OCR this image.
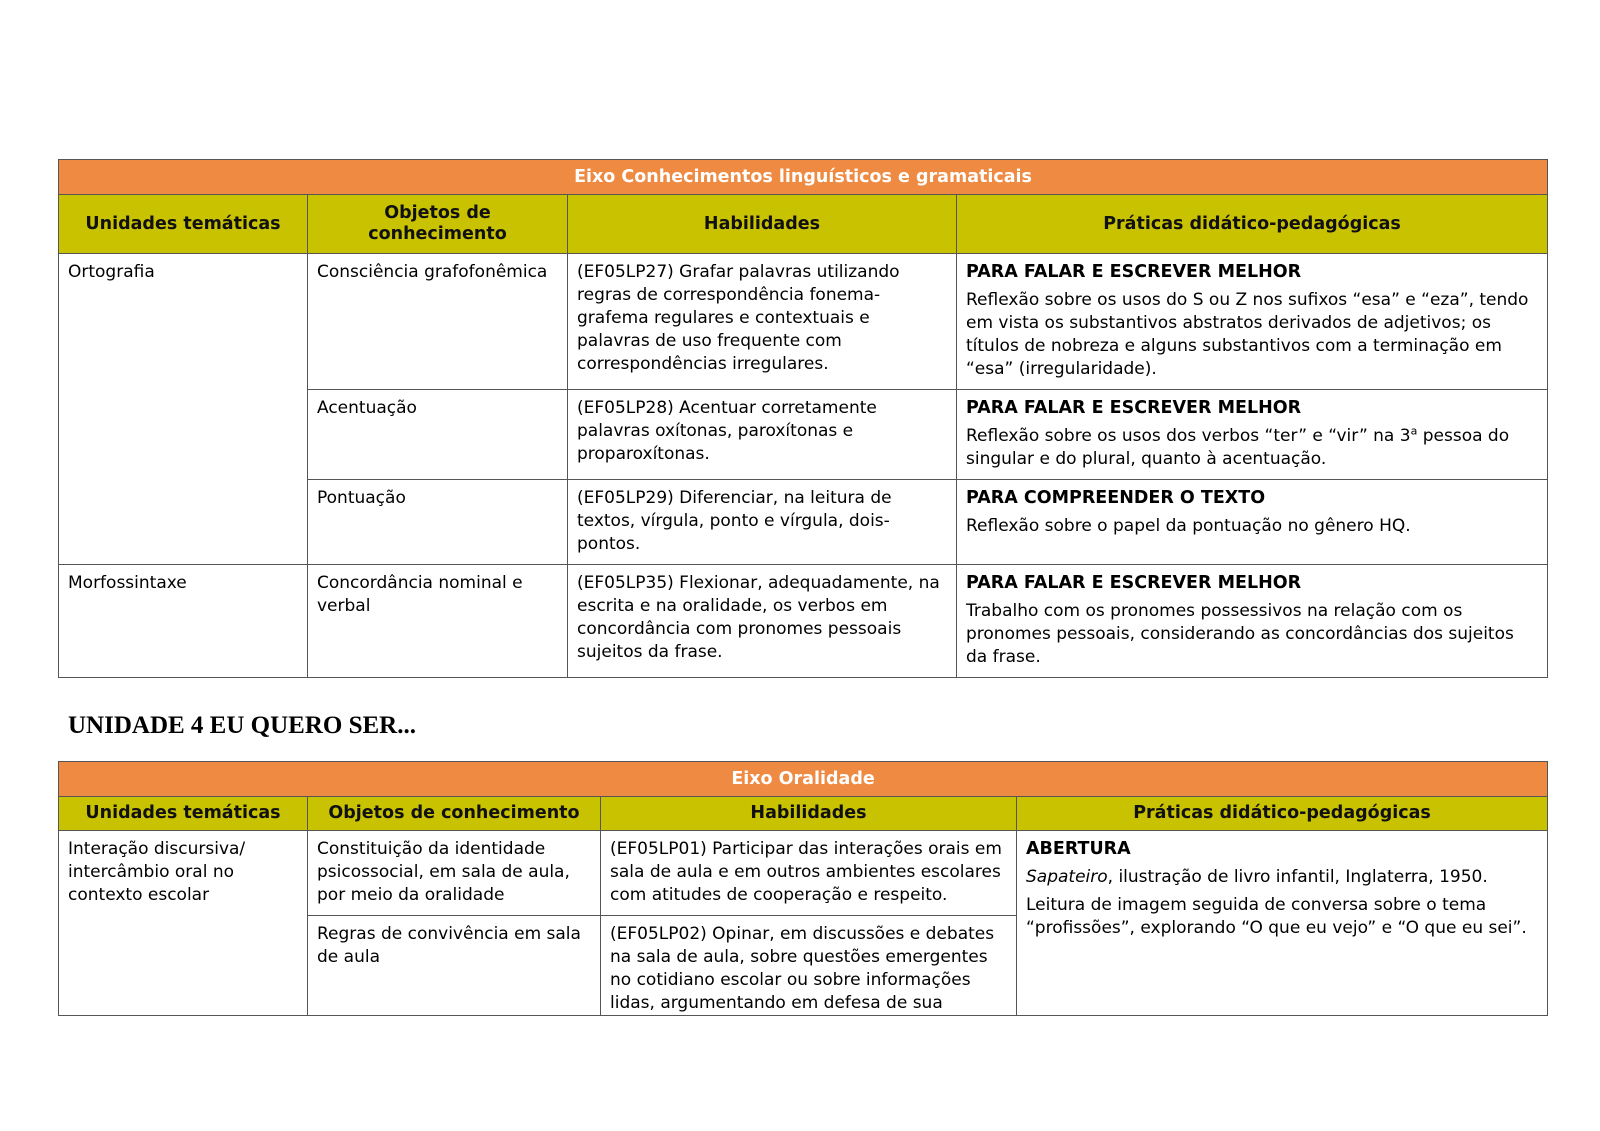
Eixo Conhecimentos linguísticos e gramaticais			
Unidades temáticas	Objetos de conhecimento	Habilidades	Práticas didático-pedagógicas
Ortografia	Consciência grafofonêmica	(EF05LP27) Grafar palavras utilizando regras de correspondência fonema-grafema regulares e contextuais e palavras de uso frequente com correspondências irregulares.	PARA FALAR E ESCREVER MELHOR
Reflexão sobre os usos do S ou Z nos sufixos “esa” e “eza”, tendo em vista os substantivos abstratos derivados de adjetivos; os títulos de nobreza e alguns substantivos com a terminação em “esa” (irregularidade).

	Acentuação	(EF05LP28) Acentuar corretamente palavras oxítonas, paroxítonas e proparoxítonas.	PARA FALAR E ESCREVER MELHOR
Reflexão sobre os usos dos verbos “ter” e “vir” na 3$^a$ pessoa do singular e do plural, quanto à acentuação.

	Pontuação	(EF05LP29) Diferenciar, na leitura de textos, vírgula, ponto e vírgula, dois-pontos.	PARA COMPREENDER O TEXTO
Reflexão sobre o papel da pontuação no gênero HQ.

Morfossintaxe	Concordância nominal e verbal	(EF05LP35) Flexionar, adequadamente, na escrita e na oralidade, os verbos em concordância com pronomes pessoais sujeitos da frase.	PARA FALAR E ESCREVER MELHOR
Trabalho com os pronomes possessivos na relação com os pronomes pessoais, considerando as concordâncias dos sujeitos da frase.
UNIDADE 4 EU QUERO SER...
Eixo Oralidade			
Unidades temáticas	Objetos de conhecimento	Habilidades	Práticas didático-pedagógicas
Interação discursiva/ intercâmbio oral no contexto escolar	Constituição da identidade psicossocial, em sala de aula, por meio da oralidade	(EF05LP01) Participar das interações orais em sala de aula e em outros ambientes escolares com atitudes de cooperação e respeito.	ABERTURA
Sapateiro, ilustração de livro infantil, Inglaterra, 1950.
Leitura de imagem seguida de conversa sobre o tema “profissões”, explorando “O que eu vejo” e “O que eu sei”.

	Regras de convivência em sala de aula	(EF05LP02) Opinar, em discussões e debates na sala de aula, sobre questões emergentes no cotidiano escolar ou sobre informações lidas, argumentando em defesa de sua	
